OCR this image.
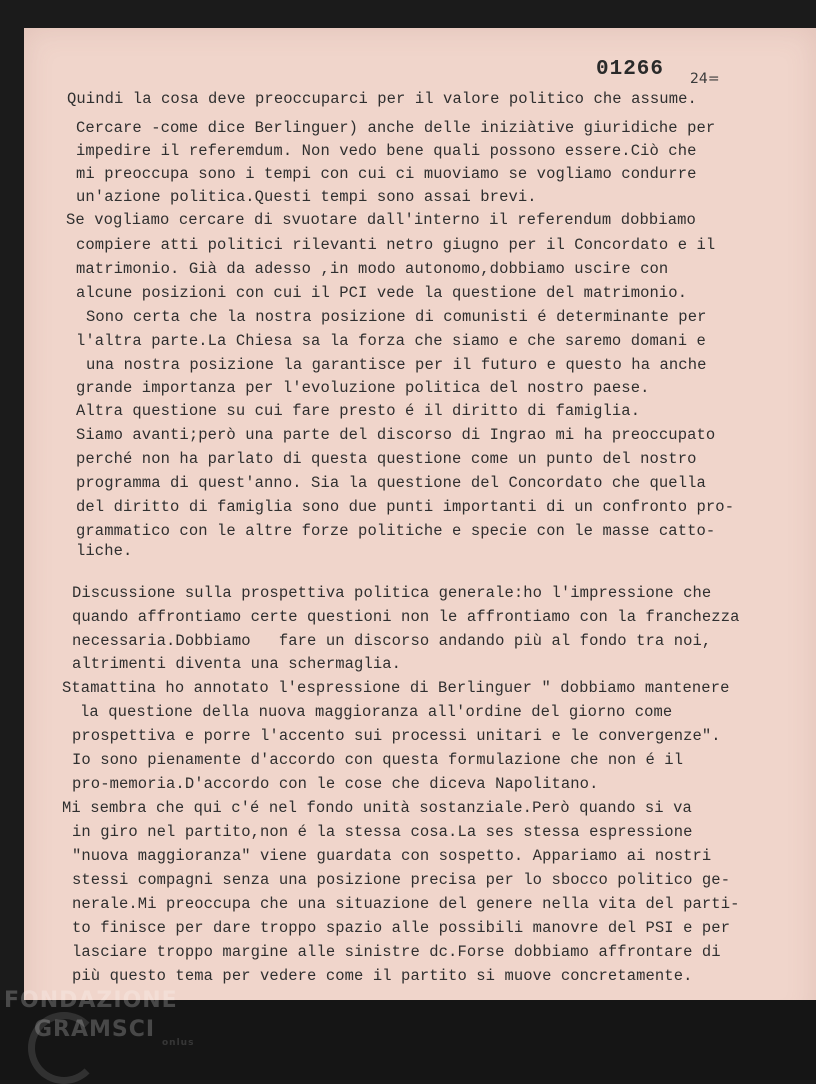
01266 24=

Quindi la cosa deve preoccuparci per il valore politico che assume.

Cercare -come dice Berlinguer) anche delle iniziàtive giuridiche per

impedire il referemdum. Non vedo bene quali possono essere.Ciò che

mi preoccupa sono i tempi con cui ci muoviamo se vogliamo condurre

un'azione politica.Questi tempi sono assai brevi.

Se vogliamo cercare di svuotare dall'interno il referendum dobbiamo

compiere atti politici rilevanti netro giugno per il Concordato e il

matrimonio. Già da adesso ,in modo autonomo,dobbiamo uscire con

alcune posizioni con cui il PCI vede la questione del matrimonio.

Sono certa che la nostra posizione di comunisti é determinante per

l'altra parte.La Chiesa sa la forza che siamo e che saremo domani e

una nostra posizione la garantisce per il futuro e questo ha anche

grande importanza per l'evoluzione politica del nostro paese.

Altra questione su cui fare presto é il diritto di famiglia.

Siamo avanti;però una parte del discorso di Ingrao mi ha preoccupato

perché non ha parlato di questa questione come un punto del nostro

programma di quest'anno. Sia la questione del Concordato che quella

del diritto di famiglia sono due punti importanti di un confronto pro-

grammatico con le altre forze politiche e specie con le masse catto-

liche.

Discussione sulla prospettiva politica generale:ho l'impressione che

quando affrontiamo certe questioni non le affrontiamo con la franchezza

necessaria.Dobbiamo   fare un discorso andando più al fondo tra noi,

altrimenti diventa una schermaglia.

Stamattina ho annotato l'espressione di Berlinguer " dobbiamo mantenere

la questione della nuova maggioranza all'ordine del giorno come

prospettiva e porre l'accento sui processi unitari e le convergenze".

Io sono pienamente d'accordo con questa formulazione che non é il

pro-memoria.D'accordo con le cose che diceva Napolitano.

Mi sembra che qui c'é nel fondo unità sostanziale.Però quando si va

in giro nel partito,non é la stessa cosa.La ses stessa espressione

"nuova maggioranza" viene guardata con sospetto. Appariamo ai nostri

stessi compagni senza una posizione precisa per lo sbocco politico ge-

nerale.Mi preoccupa che una situazione del genere nella vita del parti-

to finisce per dare troppo spazio alle possibili manovre del PSI e per

lasciare troppo margine alle sinistre dc.Forse dobbiamo affrontare di

più questo tema per vedere come il partito si muove concretamente.

FONDAZIONE
GRAMSCI
onlus
